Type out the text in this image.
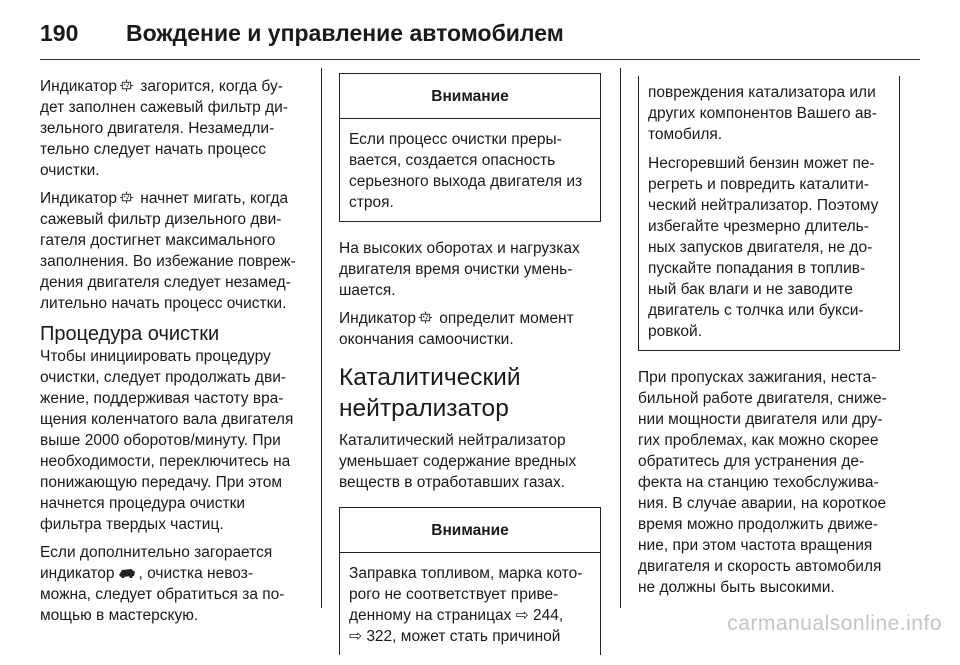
190	Вождение и управление автомобилем

Индикатор загорится, когда бу-
дет заполнен сажевый фильтр ди-
зельного двигателя. Незамедли-
тельно следует начать процесс
очистки.

Индикатор начнет мигать, когда
сажевый фильтр дизельного дви-
гателя достигнет максимального
заполнения. Во избежание повреж-
дения двигателя следует незамед-
лительно начать процесс очистки.

Процедура очистки

Чтобы инициировать процедуру
очистки, следует продолжать дви-
жение, поддерживая частоту вра-
щения коленчатого вала двигателя
выше 2000 оборотов/минуту. При
необходимости, переключитесь на
понижающую передачу. При этом
начнется процедура очистки
фильтра твердых частиц.

Если дополнительно загорается
индикатор , очистка невоз-
можна, следует обратиться за по-
мощью в мастерскую.

Внимание
Если процесс очистки преры-
вается, создается опасность
серьезного выхода двигателя из
строя.

На высоких оборотах и нагрузках
двигателя время очистки умень-
шается.

Индикатор определит момент
окончания самоочистки.

Каталитический
нейтрализатор

Каталитический нейтрализатор
уменьшает содержание вредных
веществ в отработавших газах.

Внимание
Заправка топливом, марка кото-
рого не соответствует приве-
денному на страницах ⇨ 244,
⇨ 322, может стать причиной
повреждения катализатора или
других компонентов Вашего ав-
томобиля.
Несгоревший бензин может пе-
регреть и повредить каталити-
ческий нейтрализатор. Поэтому
избегайте чрезмерно длитель-
ных запусков двигателя, не до-
пускайте попадания в топлив-
ный бак влаги и не заводите
двигатель с толчка или букси-
ровкой.

При пропусках зажигания, неста-
бильной работе двигателя, сниже-
нии мощности двигателя или дру-
гих проблемах, как можно скорее
обратитесь для устранения де-
фекта на станцию техобслужива-
ния. В случае аварии, на короткое
время можно продолжить движе-
ние, при этом частота вращения
двигателя и скорость автомобиля
не должны быть высокими.

carmanualsonline.info
